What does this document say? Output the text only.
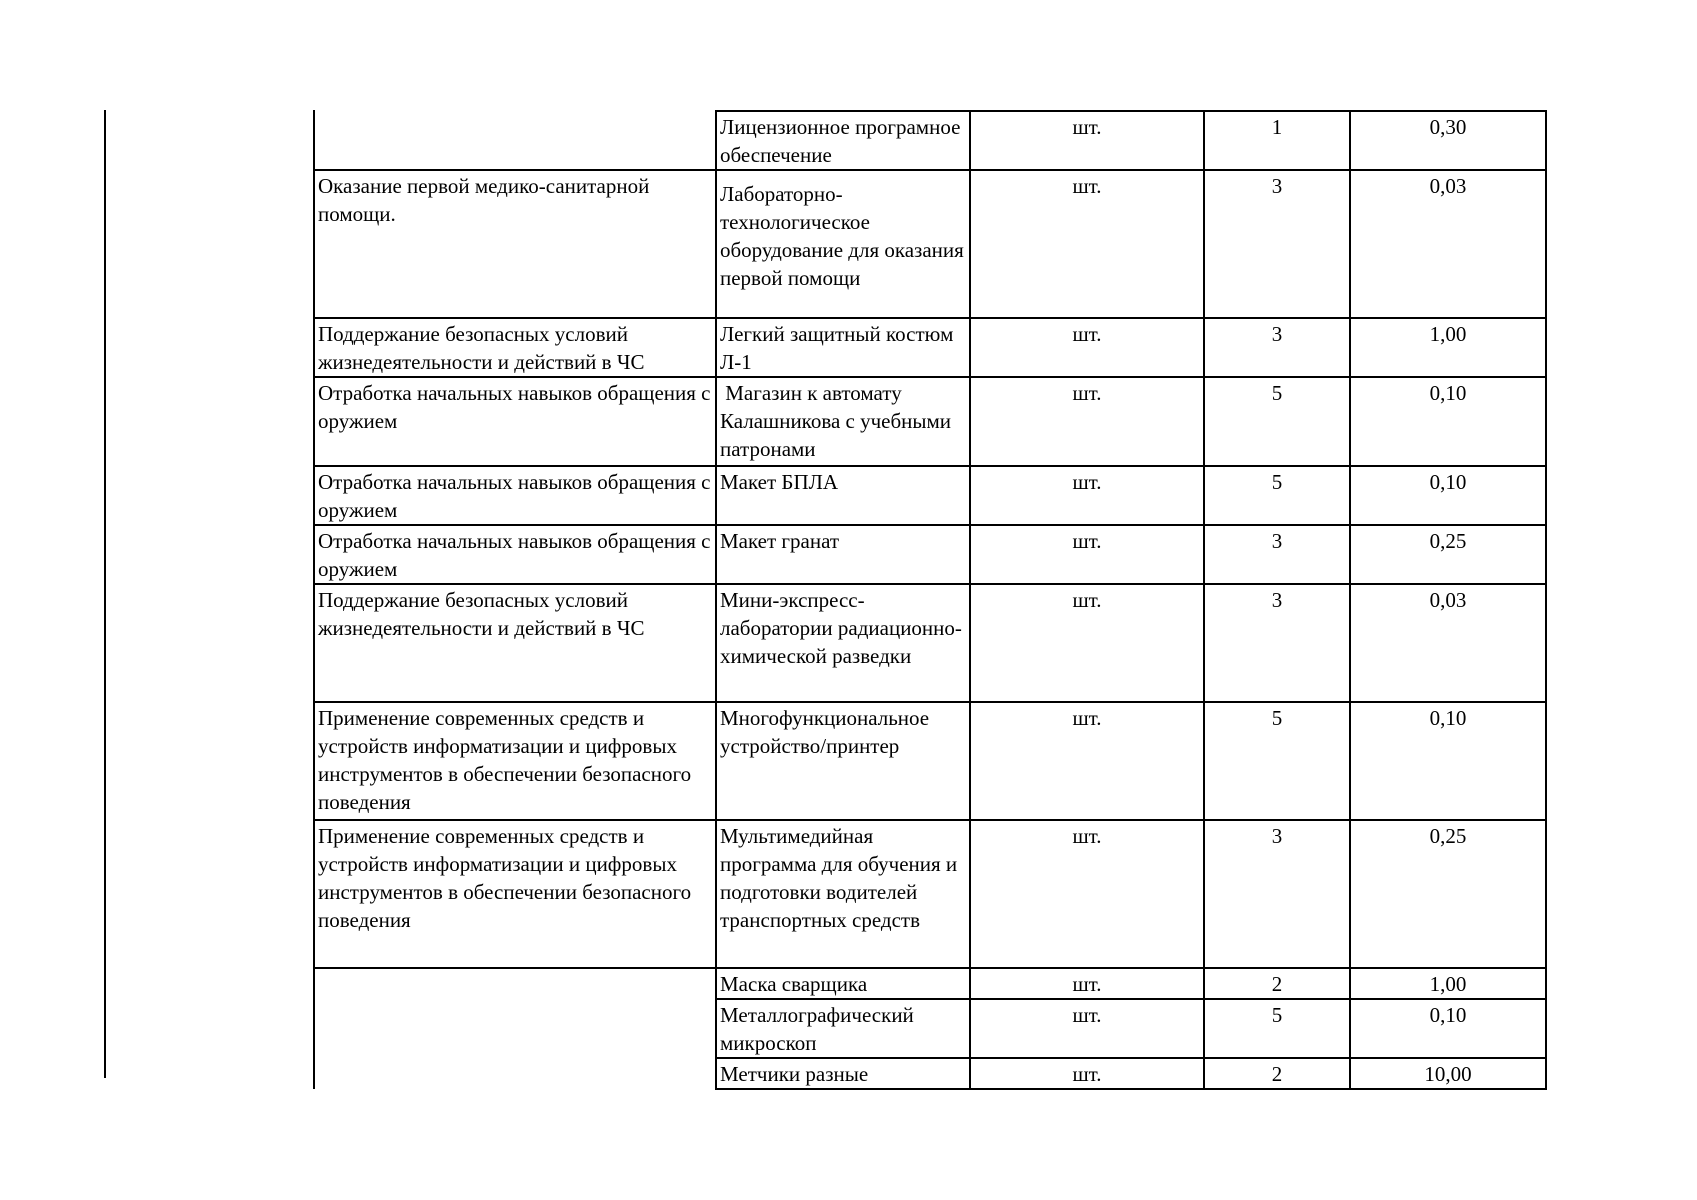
	Лицензионное програмное обеспечение	шт.	1	0,30
Оказание первой медико-санитарной помощи.	Лабораторно-технологическое оборудование для оказания первой помощи	шт.	3	0,03
Поддержание безопасных условий жизнедеятельности и действий в ЧС	Легкий защитный костюм Л-1	шт.	3	1,00
Отработка начальных навыков обращения с оружием	Магазин к автомату Калашникова с учебными патронами	шт.	5	0,10
Отработка начальных навыков обращения с оружием	Макет БПЛА	шт.	5	0,10
Отработка начальных навыков обращения с оружием	Макет гранат	шт.	3	0,25
Поддержание безопасных условий жизнедеятельности и действий в ЧС	Мини-экспресс-лаборатории радиационно-химической разведки	шт.	3	0,03
Применение современных средств и устройств информатизации и цифровых инструментов в обеспечении безопасного поведения	Многофункциональное устройство/принтер	шт.	5	0,10
Применение современных средств и устройств информатизации и цифровых инструментов в обеспечении безопасного поведения	Мультимедийная программа для обучения и подготовки водителей транспортных средств	шт.	3	0,25
	Маска сварщика	шт.	2	1,00
	Металлографический микроскоп	шт.	5	0,10
	Метчики разные	шт.	2	10,00
